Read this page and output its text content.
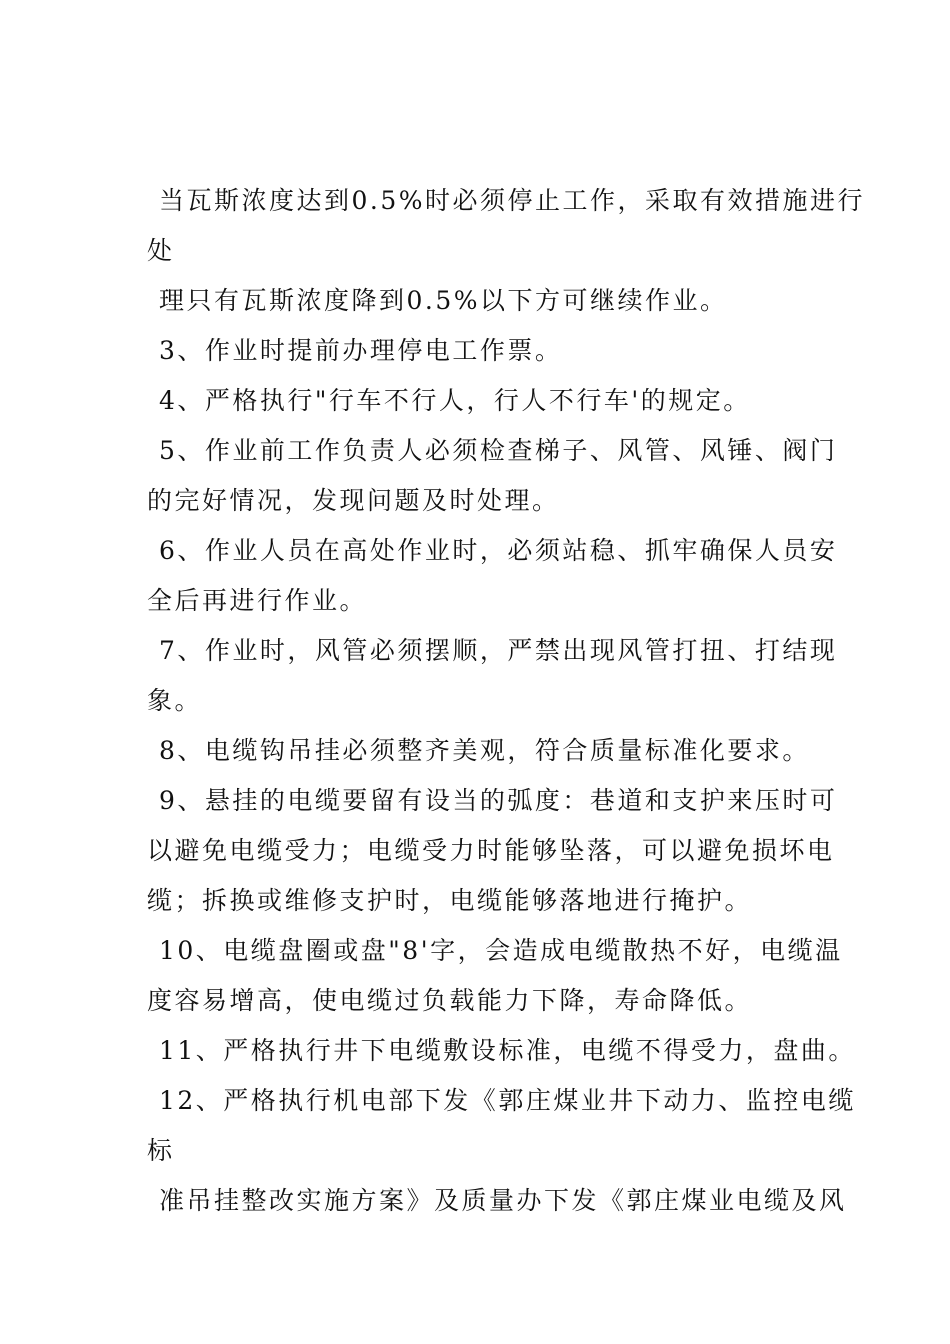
当瓦斯浓度达到0.5%时必须停止工作，采取有效措施进行
处
理只有瓦斯浓度降到0.5%以下方可继续作业。
3、作业时提前办理停电工作票。
4、严格执行"行车不行人，行人不行车'的规定。
5、作业前工作负责人必须检查梯子、风管、风锤、阀门
的完好情况，发现问题及时处理。
6、作业人员在高处作业时，必须站稳、抓牢确保人员安
全后再进行作业。
7、作业时，风管必须摆顺，严禁出现风管打扭、打结现
象。
8、电缆钩吊挂必须整齐美观，符合质量标准化要求。
9、悬挂的电缆要留有设当的弧度：巷道和支护来压时可
以避免电缆受力；电缆受力时能够坠落，可以避免损坏电
缆；拆换或维修支护时，电缆能够落地进行掩护。
10、电缆盘圈或盘"8'字，会造成电缆散热不好，电缆温
度容易增高，使电缆过负载能力下降，寿命降低。
11、严格执行井下电缆敷设标准，电缆不得受力，盘曲。
12、严格执行机电部下发《郭庄煤业井下动力、监控电缆
标
准吊挂整改实施方案》及质量办下发《郭庄煤业电缆及风
